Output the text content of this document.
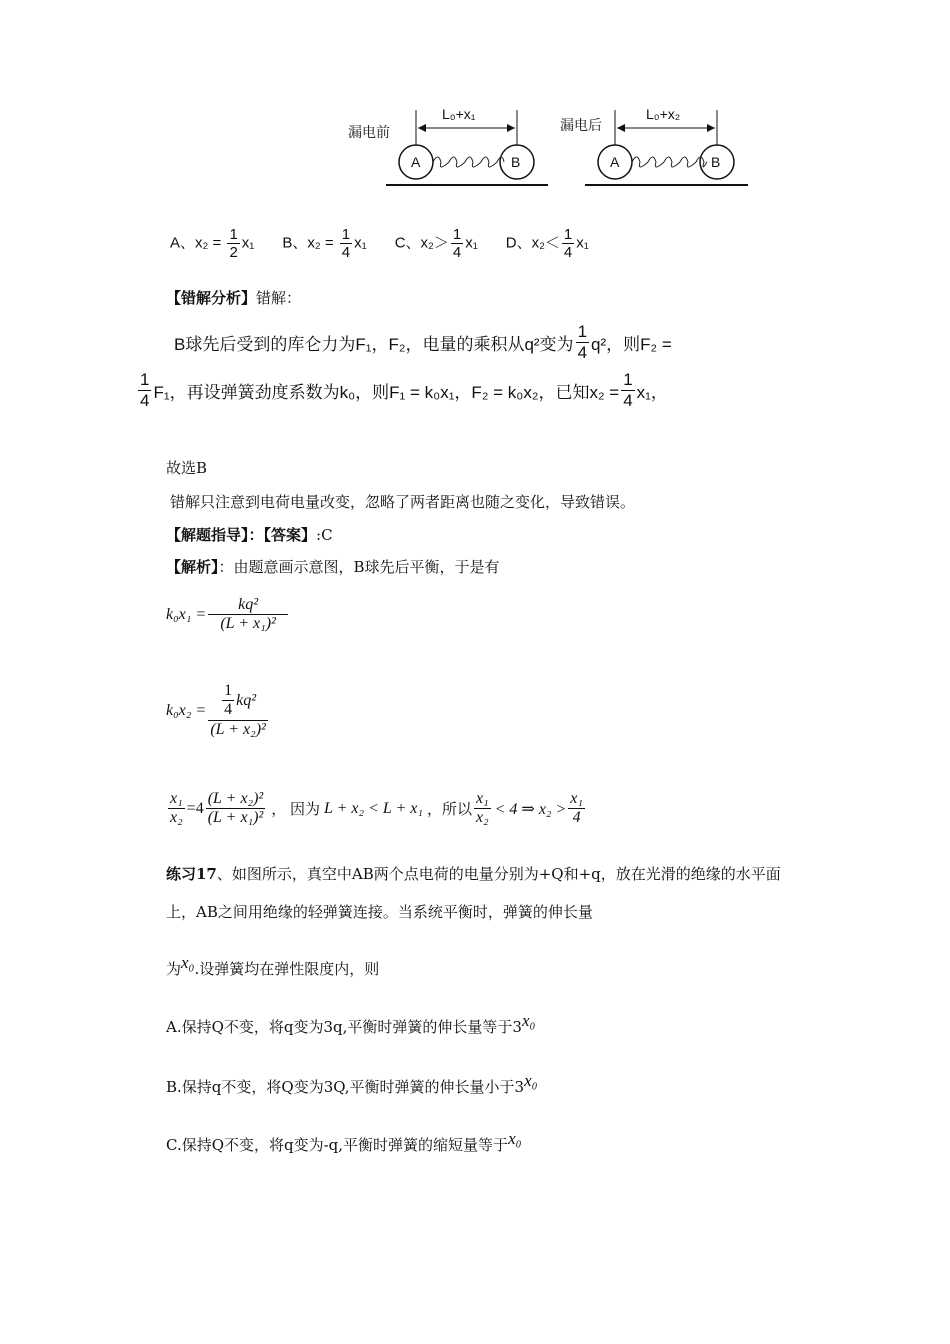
漏电前	漏电后
L₀+x₁	L₀+x₂
A	B	A	B
A、$x_2 = \frac{1}{2} x_1$ B、$x_2 = \frac{1}{4} x_1$ C、$x_2> \frac{1}{4} x_1$ D、$x_2< \frac{1}{4} x_1$
【错解分析】错解：
B球先后受到的库仑力为F₁，F₂，电量的乘积从q²变为 $\frac{1}{4} q^2$，则F₂ =
$\frac{1}{4} F_1$，再设弹簧劲度系数为k₀，则F₁ = k₀x₁，F₂ = k₀x₂，已知$x_2 = \frac{1}{4} x_1$，
故选B
错解只注意到电荷电量改变，忽略了两者距离也随之变化，导致错误。
【解题指导】：【答案】:C
【解析】：由题意画示意图，B球先后平衡，于是有
$k_0x_1 = \frac{\text{kq²}}{\text{(L + x₁)²}}$
$k_0x_2 = \frac{\frac{1}{4} kq^2}{\text{(L + x₂)²}}$
$\frac{\text{x₁}}{\text{x₂}} =4 \frac{\text{(L + x₂)²}}{\text{(L + x₁)²}}$ ， 因为 L + x₂ < L + x₁ ，所以 $\frac{\text{x₁}}{\text{x₂}} < 4$ ⇒ $x_2 > \frac{\text{x₁}}{4}$
练习17、如图所示，真空中AB两个点电荷的电量分别为+Q和+q，放在光滑的绝缘的水平面
上，AB之间用绝缘的轻弹簧连接。当系统平衡时，弹簧的伸长量
为x₀.设弹簧均在弹性限度内，则
A.保持Q不变，将q变为3q,平衡时弹簧的伸长量等于3x₀
B.保持q不变，将Q变为3Q,平衡时弹簧的伸长量小于3x₀
C.保持Q不变，将q变为-q,平衡时弹簧的缩短量等于x₀
